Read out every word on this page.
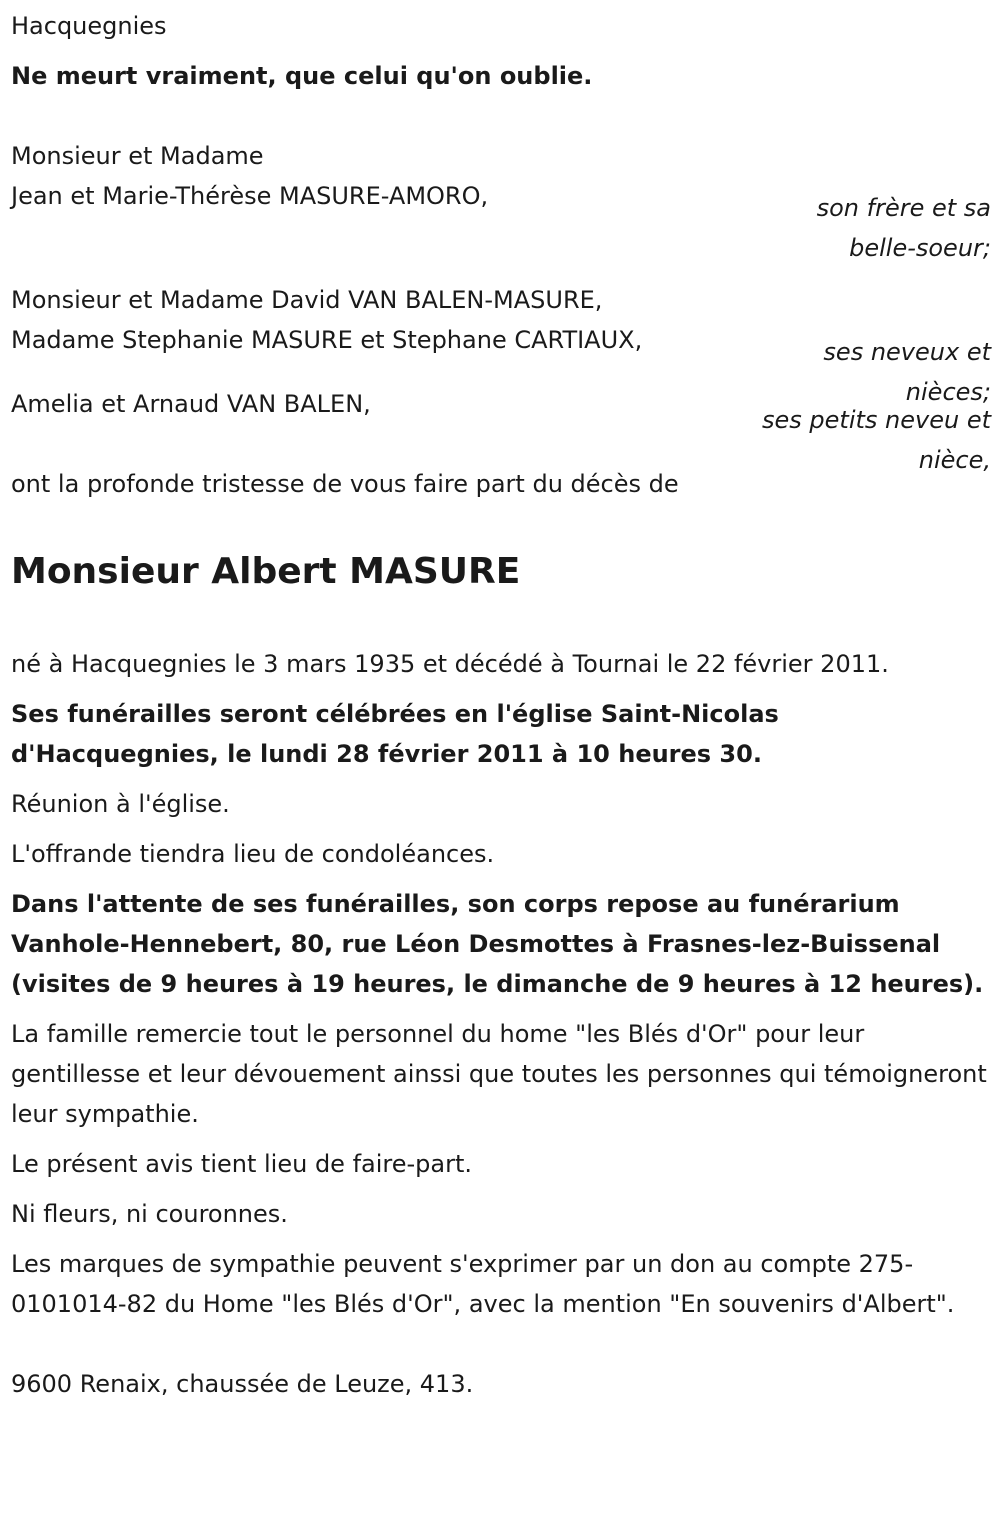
Hacquegnies

Ne meurt vraiment, que celui qu'on oublie.

Monsieur et Madame

Jean et Marie-Thérèse MASURE-AMORO,	son frère et sa belle-soeur;

Monsieur et Madame David VAN BALEN-MASURE,

Madame Stephanie MASURE et Stephane CARTIAUX,	ses neveux et nièces;

Amelia et Arnaud VAN BALEN,

ses petits neveu et nièce,

ont la profonde tristesse de vous faire part du décès de

Monsieur Albert MASURE

né à Hacquegnies le 3 mars 1935 et décédé à Tournai le 22 février 2011.

Ses funérailles seront célébrées en l'église Saint-Nicolas d'Hacquegnies, le lundi 28 février 2011 à 10 heures 30.

Réunion à l'église.

L'offrande tiendra lieu de condoléances.

Dans l'attente de ses funérailles, son corps repose au funérarium Vanhole-Hennebert, 80, rue Léon Desmottes à Frasnes-lez-Buissenal (visites de 9 heures à 19 heures, le dimanche de 9 heures à 12 heures).

La famille remercie tout le personnel du home "les Blés d'Or" pour leur gentillesse et leur dévouement ainssi que toutes les personnes qui témoigneront leur sympathie.

Le présent avis tient lieu de faire-part.

Ni fleurs, ni couronnes.

Les marques de sympathie peuvent s'exprimer par un don au compte 275-0101014-82 du Home "les Blés d'Or", avec la mention "En souvenirs d'Albert".

9600 Renaix, chaussée de Leuze, 413.
